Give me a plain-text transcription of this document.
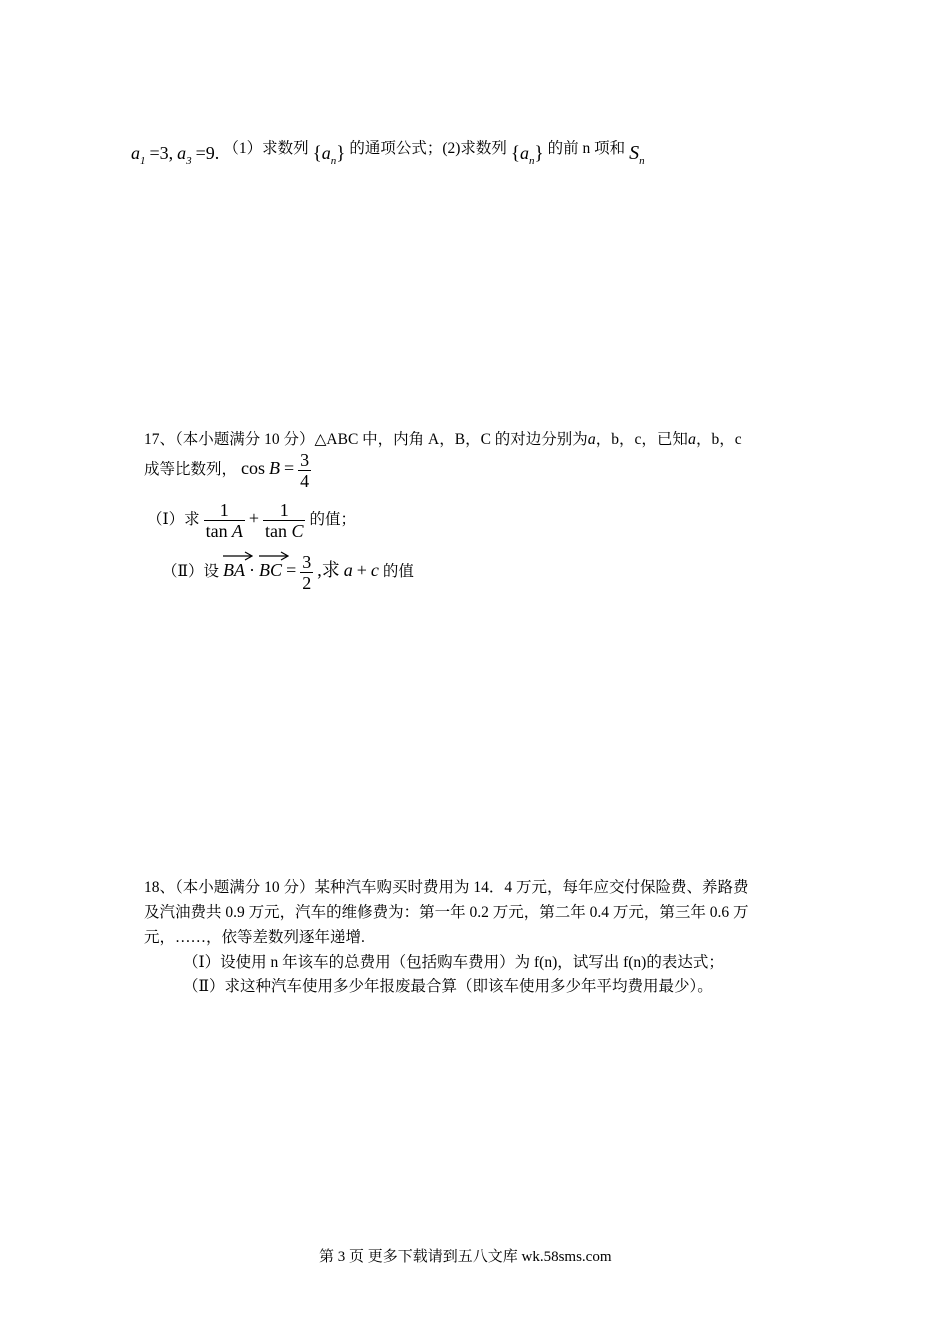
$a_1 =3$, $a_3 =9$. （1）求数列 $\{a_n\}$ 的通项公式；(2)求数列 $\{a_n\}$ 的前 n 项和 $S_n$
17、（本小题满分 10 分）△ABC 中，内角 A，B，C 的对边分别为a，b，c，已知a，b，c
成等比数列， $\cos B = \frac{3}{4}$
（Ⅰ）求 $\frac{1}{\text{tan A}} + \frac{1}{\text{tan C}}$ 的值；
（Ⅱ）设 BA · BC = $\frac{3}{2}$ ,求 a + c 的值
18、（本小题满分 10 分）某种汽车购买时费用为 14．4 万元，每年应交付保险费、养路费
及汽油费共 0.9 万元，汽车的维修费为：第一年 0.2 万元，第二年 0.4 万元，第三年 0.6 万
元，……，依等差数列逐年递增.
（Ⅰ）设使用 n 年该车的总费用（包括购车费用）为 f(n)，试写出 f(n)的表达式；
（Ⅱ）求这种汽车使用多少年报废最合算（即该车使用多少年平均费用最少）。
第 3 页 更多下载请到五八文库 wk.58sms.com
